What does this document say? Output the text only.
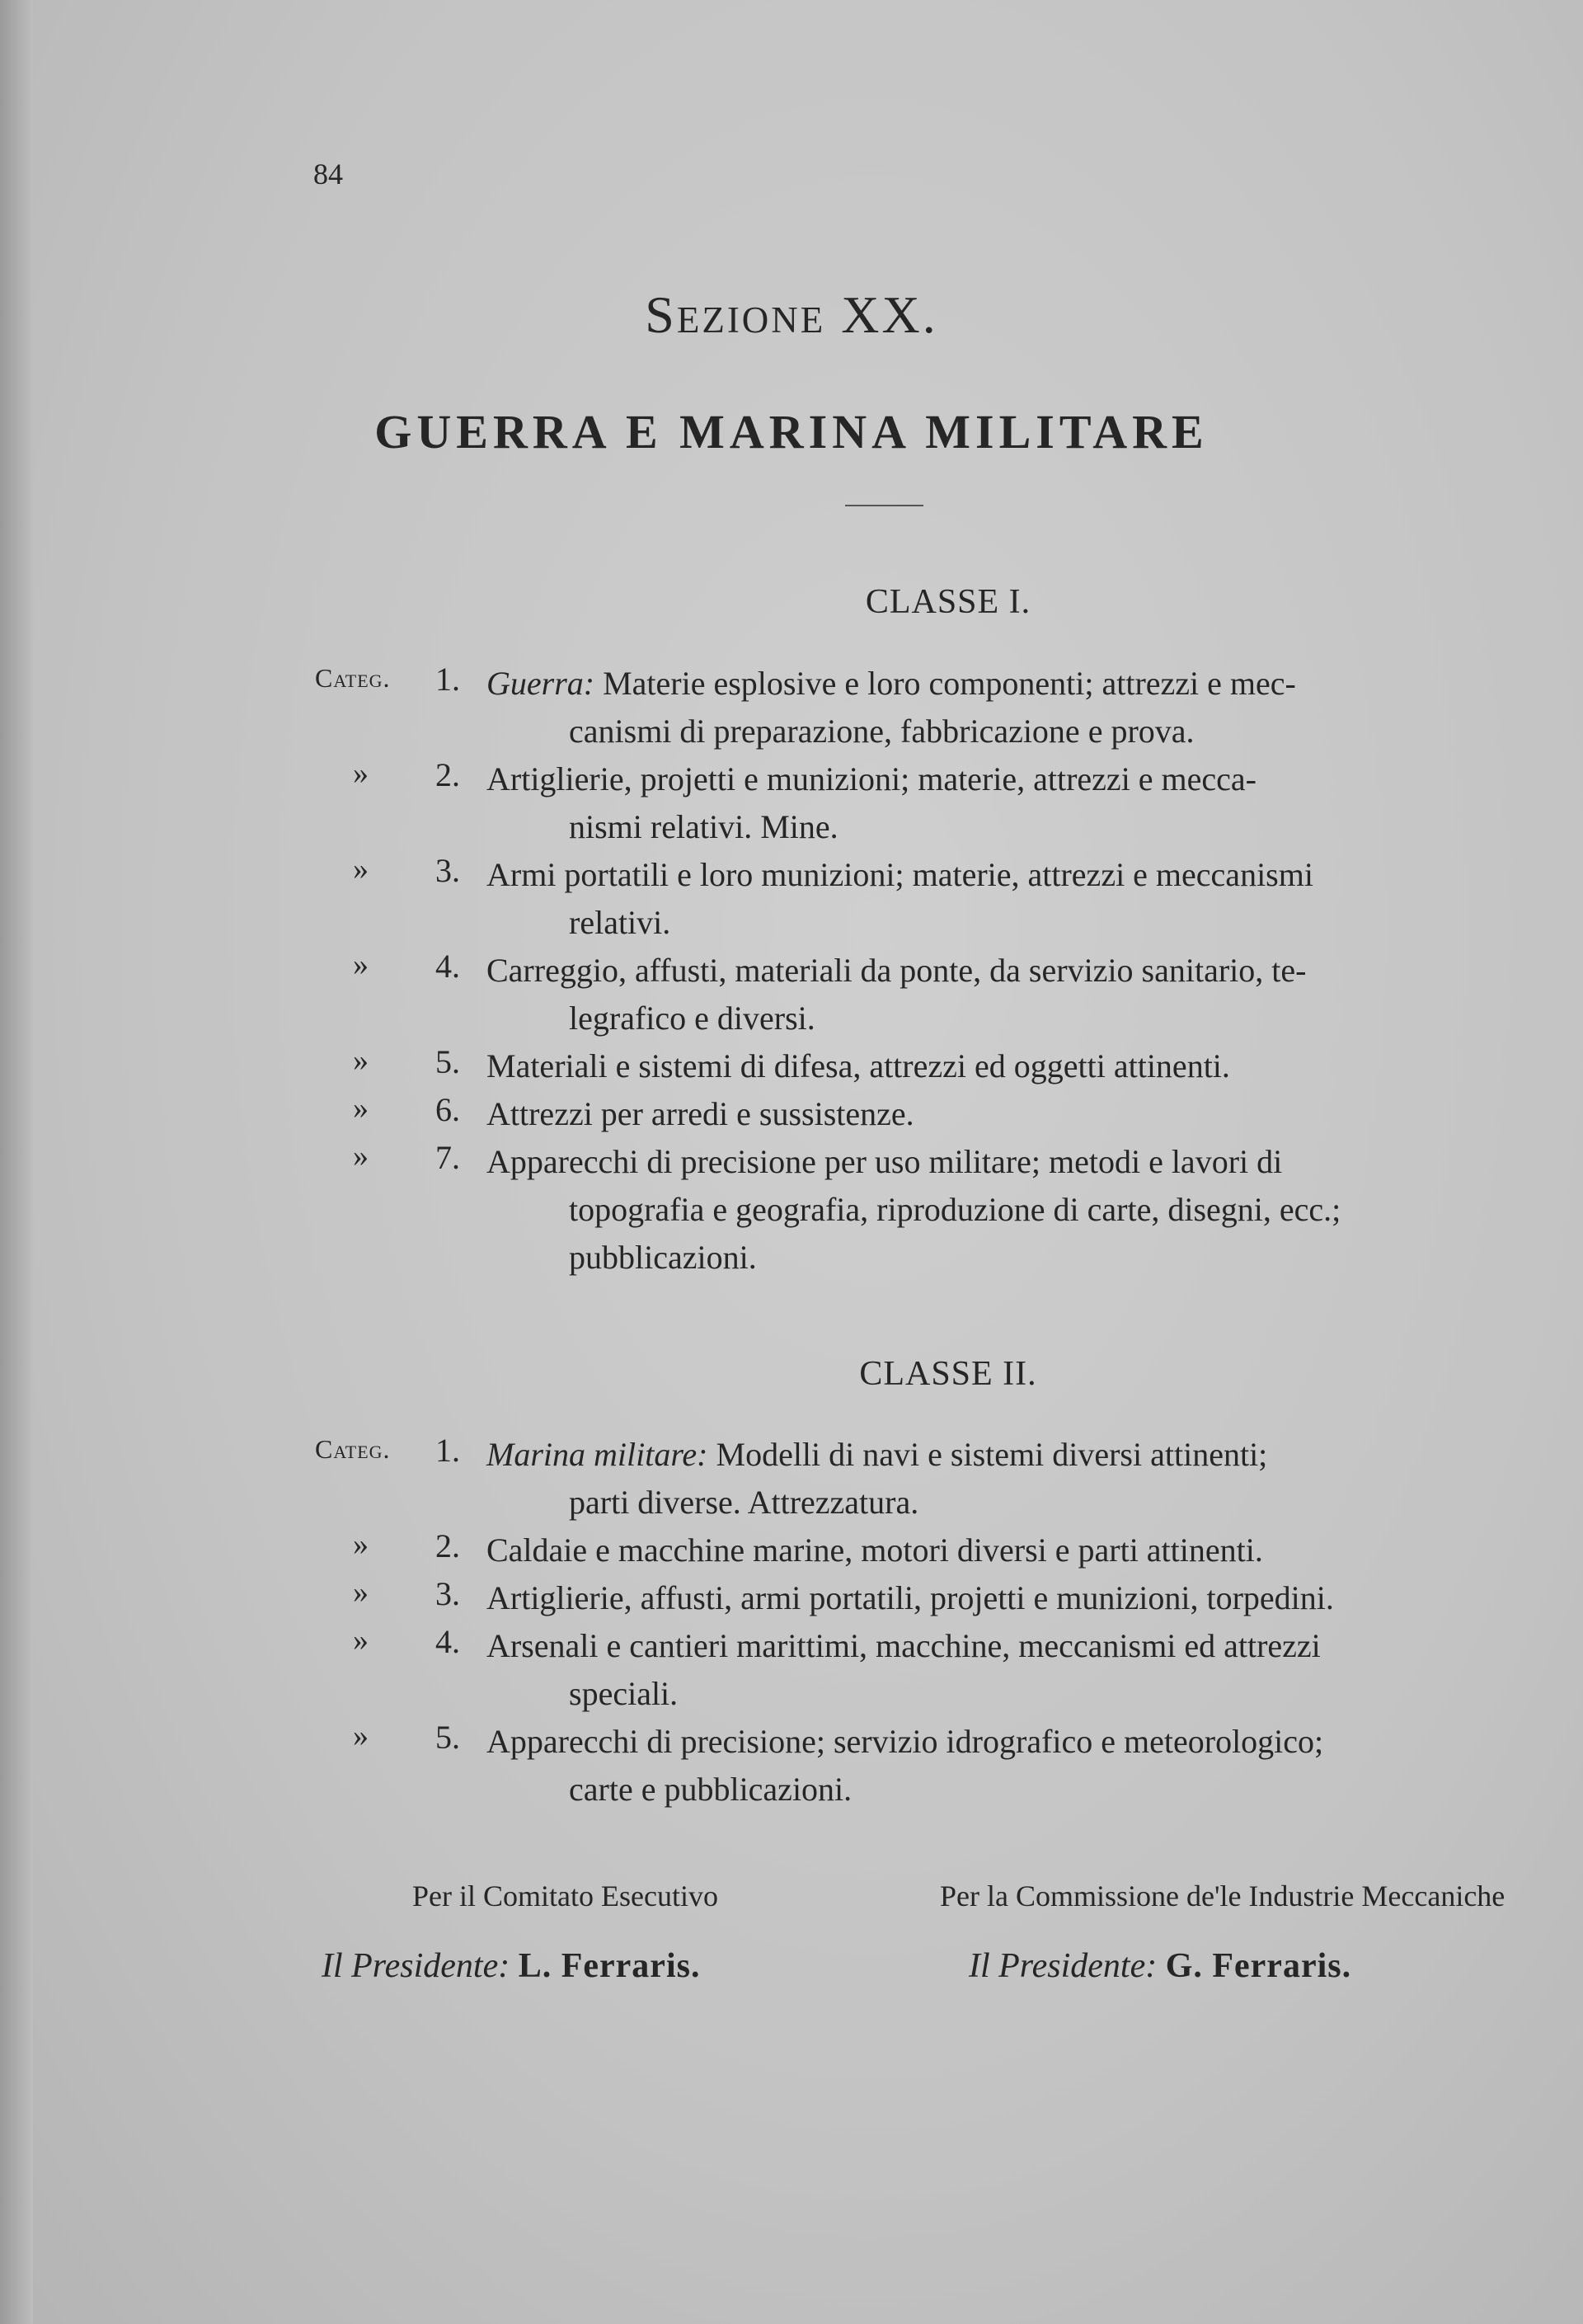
84
Sezione XX.
GUERRA E MARINA MILITARE
CLASSE I.
Categ. 1. Guerra: Materie esplosive e loro componenti; attrezzi e mec-
canismi di preparazione, fabbricazione e prova.
» 2. Artiglierie, projetti e munizioni; materie, attrezzi e mecca-
nismi relativi. Mine.
» 3. Armi portatili e loro munizioni; materie, attrezzi e meccanismi
relativi.
» 4. Carreggio, affusti, materiali da ponte, da servizio sanitario, te-
legrafico e diversi.
» 5. Materiali e sistemi di difesa, attrezzi ed oggetti attinenti.
» 6. Attrezzi per arredi e sussistenze.
» 7. Apparecchi di precisione per uso militare; metodi e lavori di
topografia e geografia, riproduzione di carte, disegni, ecc.;
pubblicazioni.
CLASSE II.
Categ. 1. Marina militare: Modelli di navi e sistemi diversi attinenti;
parti diverse. Attrezzatura.
» 2. Caldaie e macchine marine, motori diversi e parti attinenti.
» 3. Artiglierie, affusti, armi portatili, projetti e munizioni, torpedini.
» 4. Arsenali e cantieri marittimi, macchine, meccanismi ed attrezzi
speciali.
» 5. Apparecchi di precisione; servizio idrografico e meteorologico;
carte e pubblicazioni.
Per il Comitato Esecutivo	Per la Commissione de'le Industrie Meccaniche
Il Presidente: L. Ferraris.	Il Presidente: G. Ferraris.
